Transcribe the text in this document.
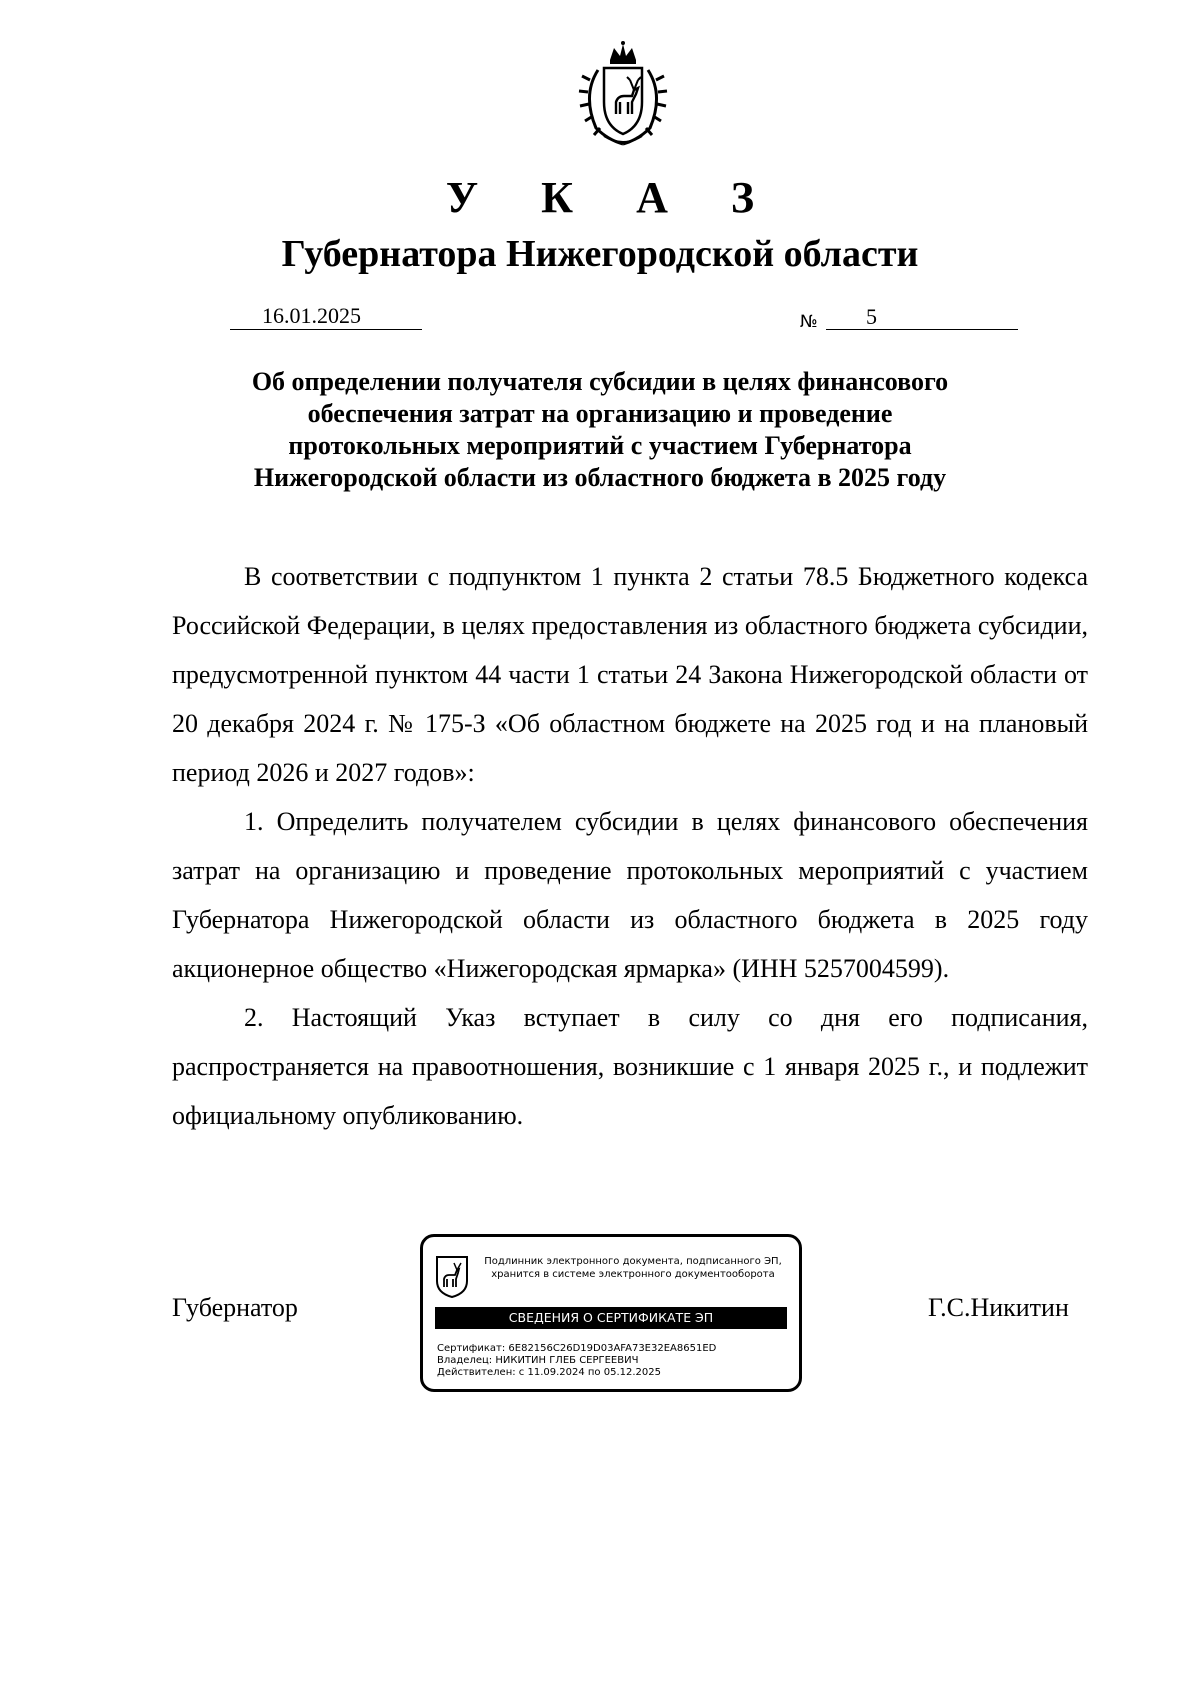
У К А З
Губернатора Нижегородской области
16.01.2025	№	5
Об определении получателя субсидии в целях финансового
обеспечения затрат на организацию и проведение
протокольных мероприятий с участием Губернатора
Нижегородской области из областного бюджета в 2025 году

В соответствии с подпунктом 1 пункта 2 статьи 78.5 Бюджетного кодекса Российской Федерации, в целях предоставления из областного бюджета субсидии, предусмотренной пунктом 44 части 1 статьи 24 Закона Нижегородской области от 20 декабря 2024 г. № 175-З «Об областном бюджете на 2025 год и на плановый период 2026 и 2027 годов»:

1. Определить получателем субсидии в целях финансового обеспечения затрат на организацию и проведение протокольных мероприятий с участием Губернатора Нижегородской области из областного бюджета в 2025 году акционерное общество «Нижегородская ярмарка» (ИНН 5257004599).

2. Настоящий Указ вступает в силу со дня его подписания, распространяется на правоотношения, возникшие с 1 января 2025 г., и подлежит официальному опубликованию.

Губернатор
Подлинник электронного документа, подписанного ЭП,
хранится в системе электронного документооборота
СВЕДЕНИЯ О СЕРТИФИКАТЕ ЭП
Сертификат: 6E82156C26D19D03AFA73E32EA8651ED
Владелец: НИКИТИН ГЛЕБ СЕРГЕЕВИЧ
Действителен: с 11.09.2024 по 05.12.2025
Г.С.Никитин
